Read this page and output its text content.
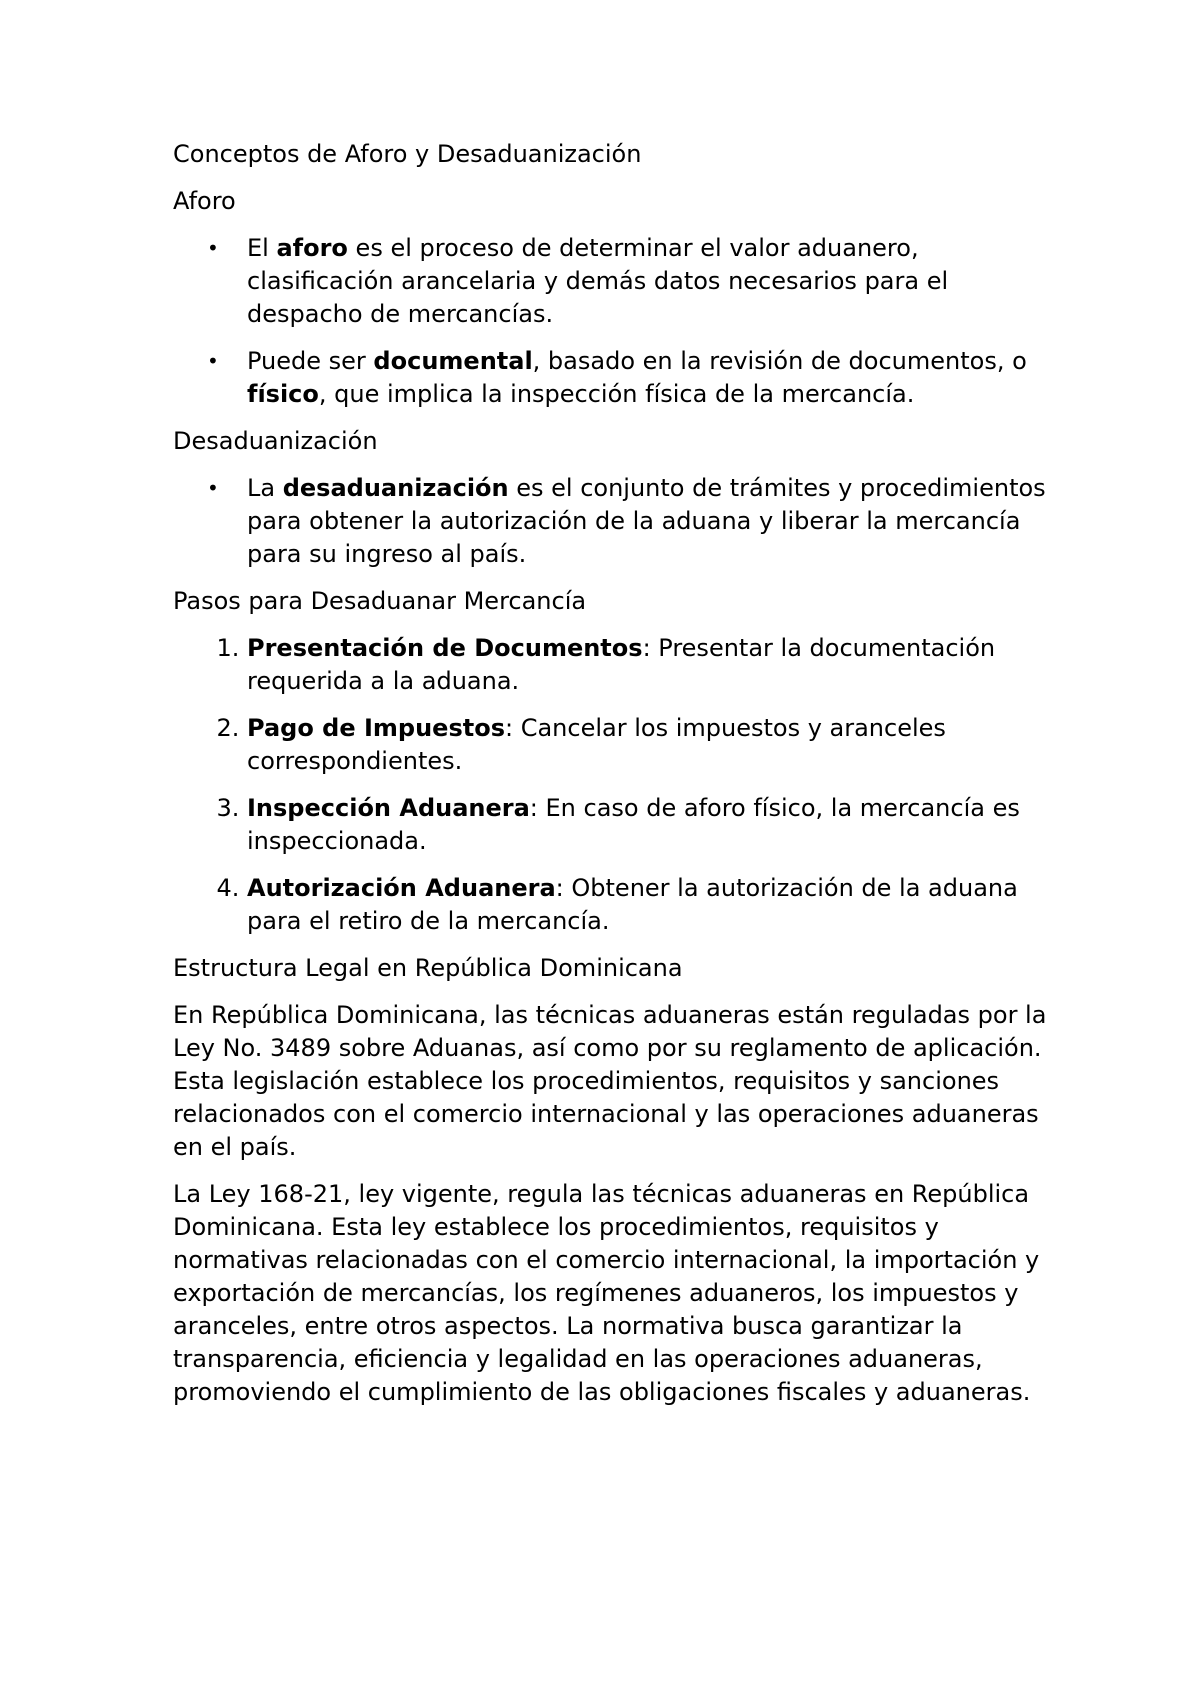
Conceptos de Aforo y Desaduanización
Aforo
• El aforo es el proceso de determinar el valor aduanero, clasificación arancelaria y demás datos necesarios para el despacho de mercancías.
• Puede ser documental, basado en la revisión de documentos, o físico, que implica la inspección física de la mercancía.
Desaduanización
• La desaduanización es el conjunto de trámites y procedimientos para obtener la autorización de la aduana y liberar la mercancía para su ingreso al país.
Pasos para Desaduanar Mercancía
1. Presentación de Documentos: Presentar la documentación requerida a la aduana.
2. Pago de Impuestos: Cancelar los impuestos y aranceles correspondientes.
3. Inspección Aduanera: En caso de aforo físico, la mercancía es inspeccionada.
4. Autorización Aduanera: Obtener la autorización de la aduana para el retiro de la mercancía.
Estructura Legal en República Dominicana

En República Dominicana, las técnicas aduaneras están reguladas por la Ley No. 3489 sobre Aduanas, así como por su reglamento de aplicación. Esta legislación establece los procedimientos, requisitos y sanciones relacionados con el comercio internacional y las operaciones aduaneras en el país.

La Ley 168-21, ley vigente, regula las técnicas aduaneras en República Dominicana. Esta ley establece los procedimientos, requisitos y normativas relacionadas con el comercio internacional, la importación y exportación de mercancías, los regímenes aduaneros, los impuestos y aranceles, entre otros aspectos. La normativa busca garantizar la transparencia, eficiencia y legalidad en las operaciones aduaneras, promoviendo el cumplimiento de las obligaciones fiscales y aduaneras.
